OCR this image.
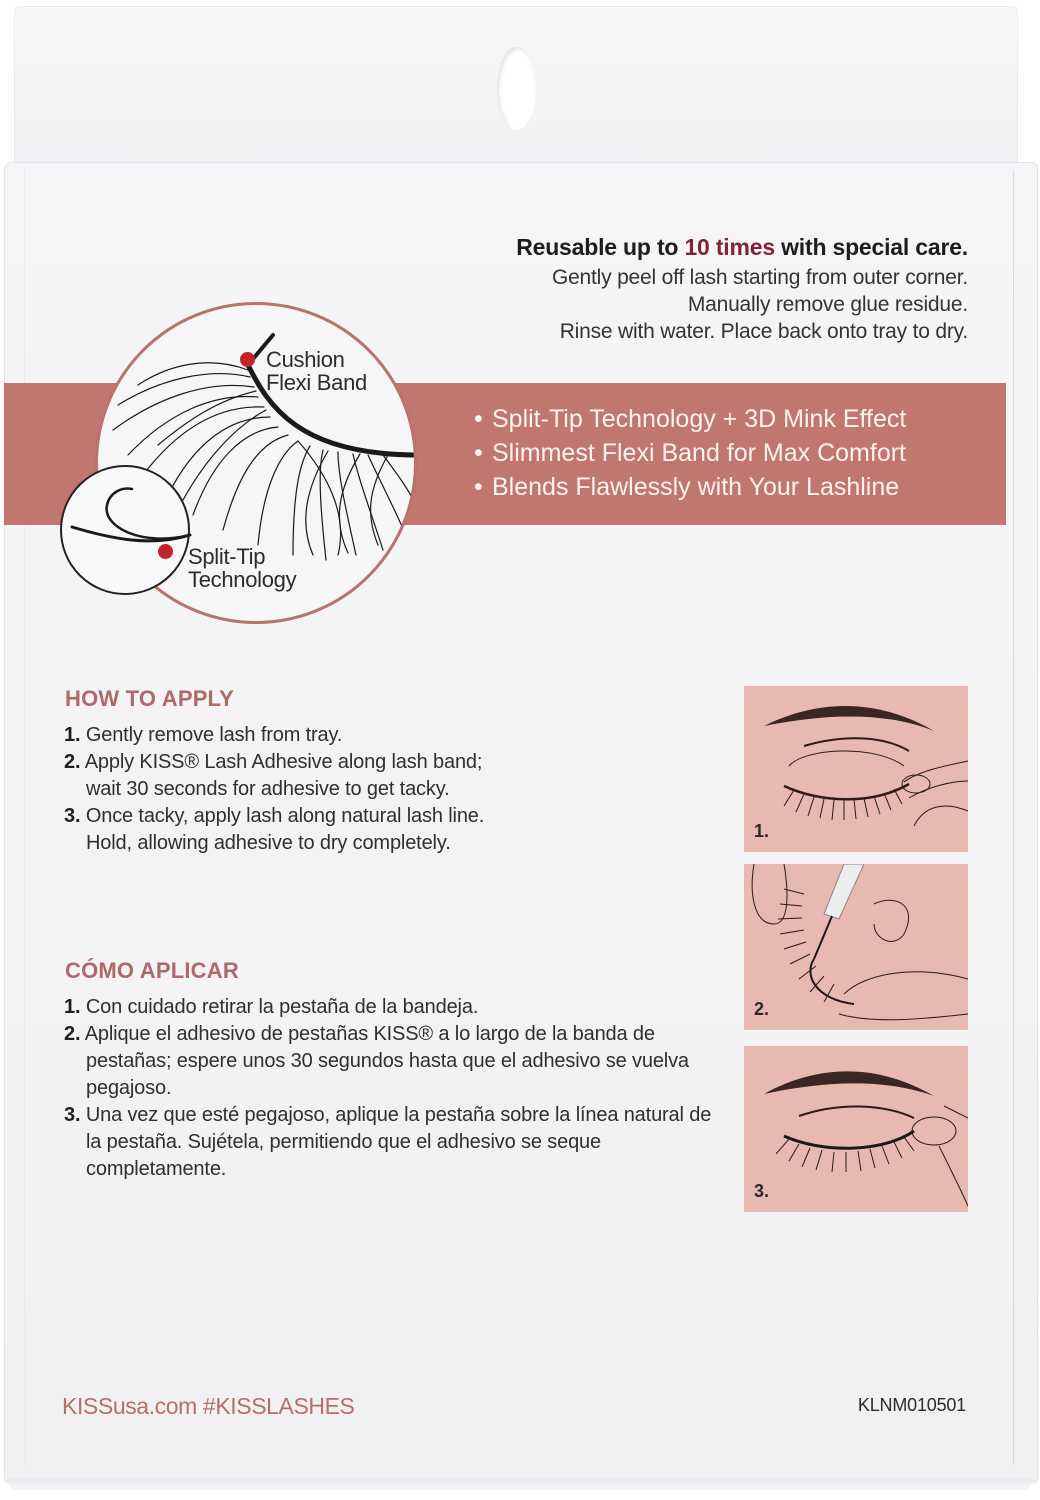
Reusable up to 10 times with special care.
Gently peel off lash starting from outer corner.
Manually remove glue residue.
Rinse with water. Place back onto tray to dry.
• Split-Tip Technology + 3D Mink Effect
• Slimmest Flexi Band for Max Comfort
• Blends Flawlessly with Your Lashline
Cushion
Flexi Band
Split-Tip
Technology
HOW TO APPLY
1. Gently remove lash from tray.
2. Apply KISS® Lash Adhesive along lash band; wait 30 seconds for adhesive to get tacky.
3. Once tacky, apply lash along natural lash line. Hold, allowing adhesive to dry completely.
CÓMO APLICAR
1. Con cuidado retirar la pestaña de la bandeja.
2. Aplique el adhesivo de pestañas KISS® a lo largo de la banda de pestañas; espere unos 30 segundos hasta que el adhesivo se vuelva pegajoso.
3. Una vez que esté pegajoso, aplique la pestaña sobre la línea natural de la pestaña. Sujétela, permitiendo que el adhesivo se seque completamente.
1.
2.
3.
KISSusa.com #KISSLASHES	KLNM010501
